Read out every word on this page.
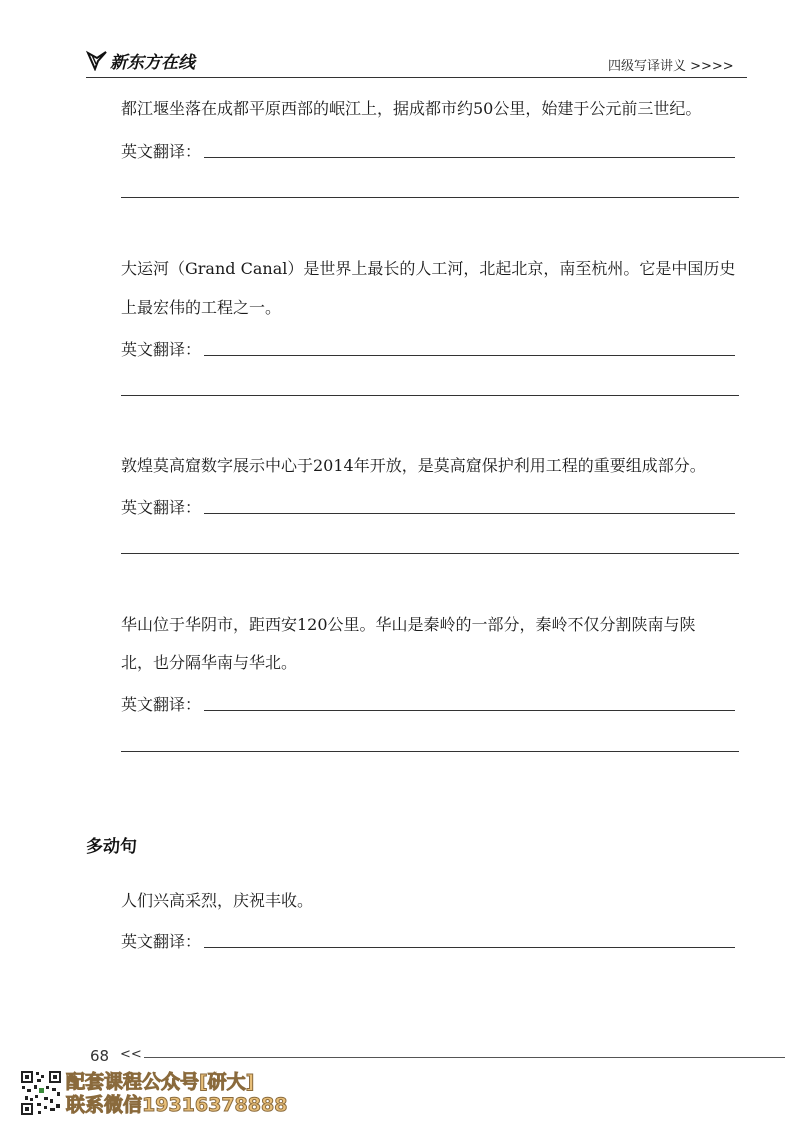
新东方在线	四级写译讲义 >>>>
都江堰坐落在成都平原西部的岷江上，据成都市约50公里，始建于公元前三世纪。
英文翻译：
大运河（Grand Canal）是世界上最长的人工河，北起北京，南至杭州。它是中国历史
上最宏伟的工程之一。
英文翻译：
敦煌莫高窟数字展示中心于2014年开放，是莫高窟保护利用工程的重要组成部分。
英文翻译：
华山位于华阴市，距西安120公里。华山是秦岭的一部分，秦岭不仅分割陕南与陕
北，也分隔华南与华北。
英文翻译：
多动句
人们兴高采烈，庆祝丰收。
英文翻译：
68 <<
配套课程公众号[研大]
联系微信19316378888
